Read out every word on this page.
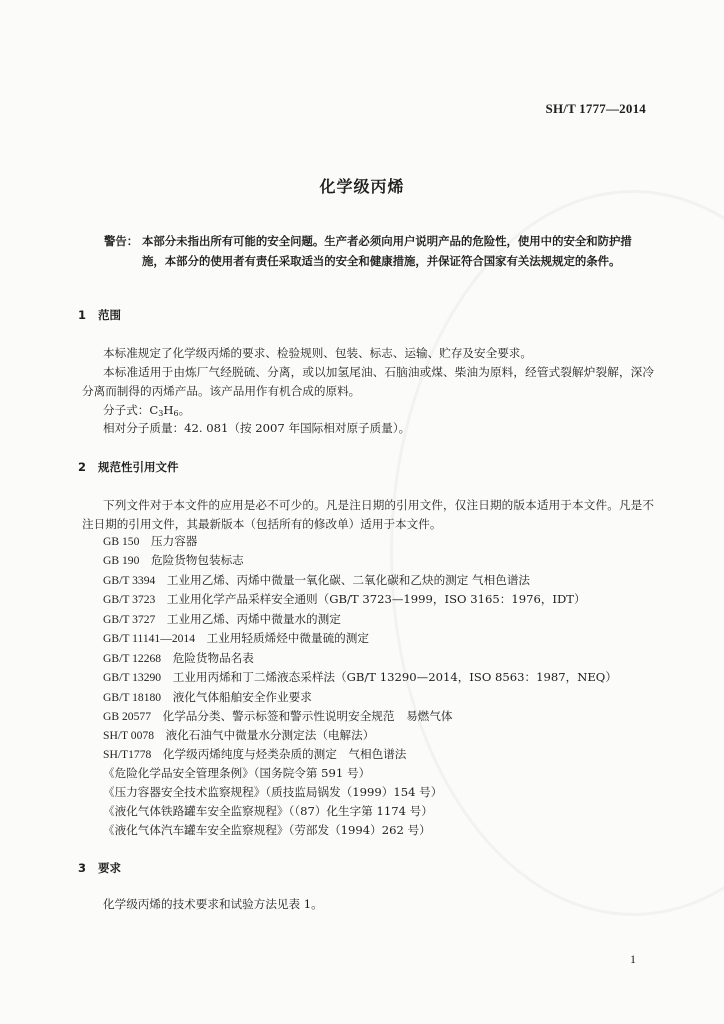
SH/T 1777—2014
化学级丙烯
警告： 本部分未指出所有可能的安全问题。生产者必须向用户说明产品的危险性，使用中的安全和防护措施，本部分的使用者有责任采取适当的安全和健康措施，并保证符合国家有关法规规定的条件。
1 范围
本标准规定了化学级丙烯的要求、检验规则、包装、标志、运输、贮存及安全要求。
本标准适用于由炼厂气经脱硫、分离，或以加氢尾油、石脑油或煤、柴油为原料，经管式裂解炉裂解，深冷分离而制得的丙烯产品。该产品用作有机合成的原料。
分子式：$C_3H_6$。
相对分子质量：42. 081（按 2007 年国际相对原子质量）。
2 规范性引用文件
下列文件对于本文件的应用是必不可少的。凡是注日期的引用文件，仅注日期的版本适用于本文件。凡是不注日期的引用文件，其最新版本（包括所有的修改单）适用于本文件。
GB 150　 压力容器
GB 190　 危险货物包装标志
GB/T 3394　 工业用乙烯、丙烯中微量一氧化碳、二氧化碳和乙炔的测定 气相色谱法
GB/T 3723　 工业用化学产品采样安全通则（GB/T 3723—1999，ISO 3165：1976，IDT）
GB/T 3727　 工业用乙烯、丙烯中微量水的测定
GB/T 11141—2014　 工业用轻质烯烃中微量硫的测定
GB/T 12268　 危险货物品名表
GB/T 13290　 工业用丙烯和丁二烯液态采样法（GB/T 13290—2014，ISO 8563：1987，NEQ）
GB/T 18180　 液化气体船舶安全作业要求
GB 20577　 化学品分类、警示标签和警示性说明安全规范　易燃气体
SH/T 0078　 液化石油气中微量水分测定法（电解法）
SH/T1778　 化学级丙烯纯度与烃类杂质的测定　气相色谱法
《危险化学品安全管理条例》（国务院令第 591 号）
《压力容器安全技术监察规程》（质技监局锅发（1999）154 号）
《液化气体铁路罐车安全监察规程》（（87）化生字第 1174 号）
《液化气体汽车罐车安全监察规程》（劳部发（1994）262 号）
3 要求
化学级丙烯的技术要求和试验方法见表 1。
1
